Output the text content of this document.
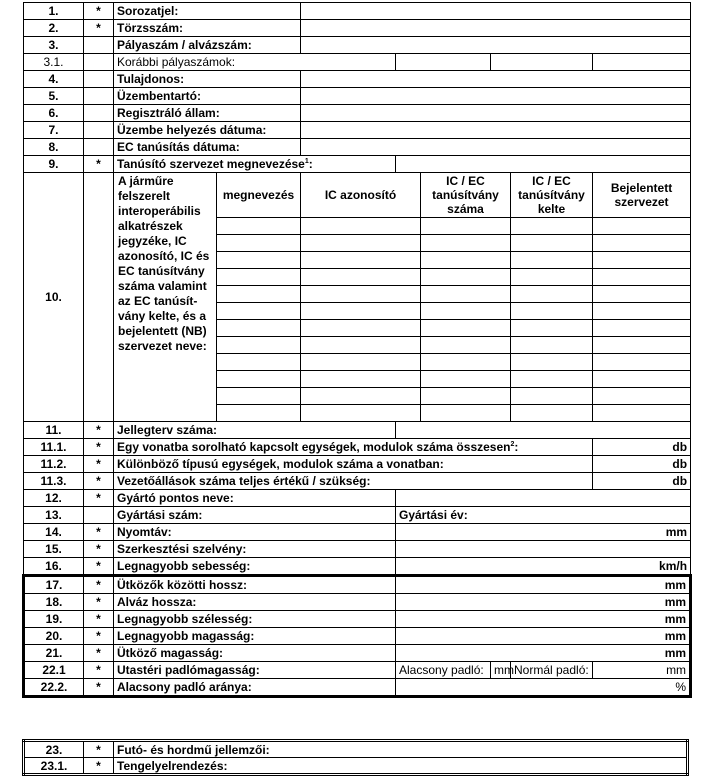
1.	*	Sorozatjel:							
2.	*	Törzsszám:							
3.		Pályaszám / alvázszám:							
3.1.		Korábbi pályaszámok:							
4.		Tulajdonos:							
5.		Üzembentartó:							
6.		Regisztráló állam:							
7.		Üzembe helyezés dátuma:							
8.		EC tanúsítás dátuma:							
9.	*	Tanúsító szervezet megnevezése$^1$:							
10.		A járműre felszerelt interoperábilis alkatrészek jegyzéke, IC azonosító, IC és EC tanúsítvány száma valamint az EC tanúsít-vány kelte, és a bejelentett (NB) szervezet neve:	megnevezés	IC azonosító		IC / EC tanúsítvány száma		IC / EC tanúsítvány kelte	Bejelentett szervezet

11.	*	Jellegterv száma:							
11.1.	*	Egy vonatba sorolható kapcsolt egységek, modulok száma összesen$^2$:							db
11.2.	*	Különböző típusú egységek, modulok száma a vonatban:							db
11.3.	*	Vezetőállások száma teljes értékű / szükség:							db
12.	*	Gyártó pontos neve:							
13.		Gyártási szám:			Gyártási év:				
14.	*	Nyomtáv:			mm				
15.	*	Szerkesztési szelvény:							
16.	*	Legnagyobb sebesség:			km/h				
17.	*	Ütközők közötti hossz:			mm				
18.	*	Alváz hossza:			mm				
19.	*	Legnagyobb szélesség:			mm				
20.	*	Legnagyobb magasság:			mm				
21.	*	Ütköző magasság:			mm				
22.1	*	Utastéri padlómagasság:			Alacsony padló:		mm	Normál padló:	mm
22.2.	*	Alacsony padló aránya:			%				
23.	*	Futó- és hordmű jellemzői:
23.1.	*	Tengelyelrendezés:
